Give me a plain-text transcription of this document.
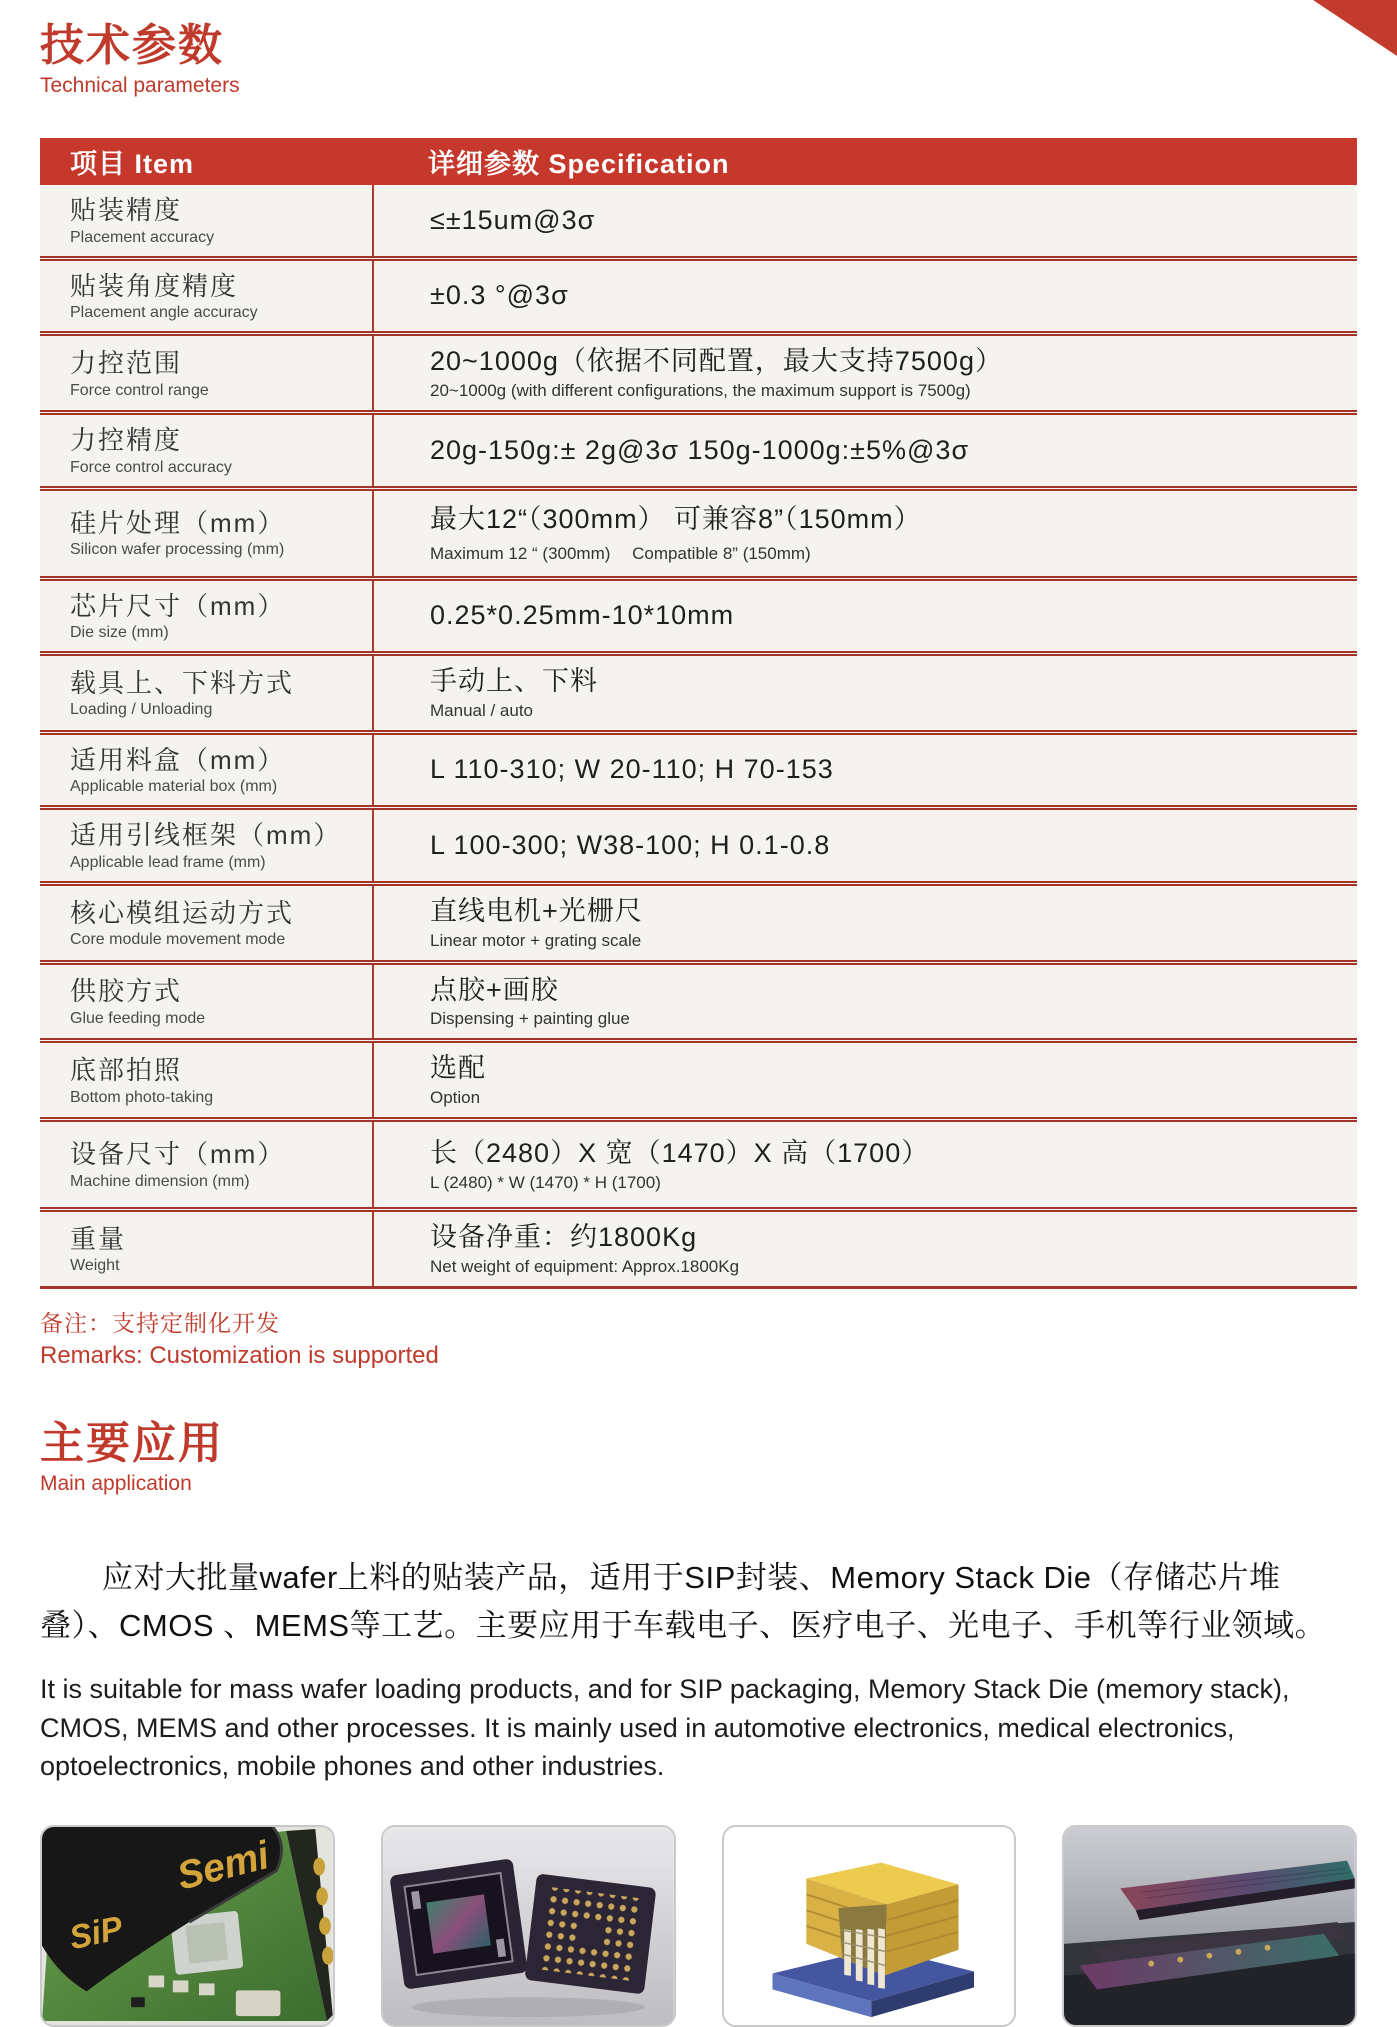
技术参数
Technical parameters
项目 Item	详细参数 Specification
贴装精度
Placement accuracy
≤±15um@3σ
贴装角度精度
Placement angle accuracy
±0.3 °@3σ
力控范围
Force control range
20~1000g（依据不同配置，最大支持7500g）
20~1000g (with different configurations, the maximum support is 7500g)
力控精度
Force control accuracy
20g-150g:± 2g@3σ 150g-1000g:±5%@3σ
硅片处理（mm）
Silicon wafer processing (mm)
最大12“（300mm） 可兼容8”（150mm）
Maximum 12 “ (300mm)　 Compatible 8” (150mm)
芯片尺寸（mm）
Die size (mm)
0.25*0.25mm-10*10mm
载具上、下料方式
Loading / Unloading
手动上、下料
Manual / auto
适用料盒（mm）
Applicable material box (mm)
L 110-310; W 20-110; H 70-153
适用引线框架（mm）
Applicable lead frame (mm)
L 100-300; W38-100; H 0.1-0.8
核心模组运动方式
Core module movement mode
直线电机+光栅尺
Linear motor + grating scale
供胶方式
Glue feeding mode
点胶+画胶
Dispensing + painting glue
底部拍照
Bottom photo-taking
选配
Option
设备尺寸（mm）
Machine dimension (mm)
长（2480）X 宽（1470）X 高（1700）
L (2480) * W (1470) * H (1700)
重量
Weight
设备净重：约1800Kg
Net weight of equipment: Approx.1800Kg
备注：支持定制化开发
Remarks: Customization is supported
主要应用
Main application

应对大批量wafer上料的贴装产品，适用于SIP封装、Memory Stack Die（存储芯片堆叠）、CMOS 、MEMS等工艺。主要应用于车载电子、医疗电子、光电子、手机等行业领域。

It is suitable for mass wafer loading products, and for SIP packaging, Memory Stack Die (memory stack), CMOS, MEMS and other processes. It is mainly used in automotive electronics, medical electronics, optoelectronics, mobile phones and other industries.

Semi
SiP
